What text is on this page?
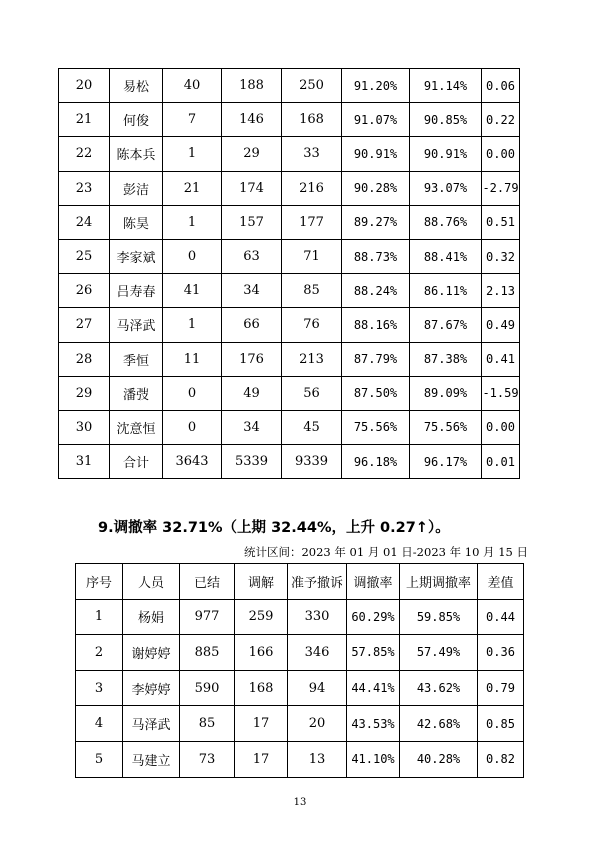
20	易松	40	188	250	91.20%	91.14%	0.06
21	何俊	7	146	168	91.07%	90.85%	0.22
22	陈本兵	1	29	33	90.91%	90.91%	0.00
23	彭洁	21	174	216	90.28%	93.07%	-2.79
24	陈昊	1	157	177	89.27%	88.76%	0.51
25	李家斌	0	63	71	88.73%	88.41%	0.32
26	吕寿春	41	34	85	88.24%	86.11%	2.13
27	马泽武	1	66	76	88.16%	87.67%	0.49
28	季恒	11	176	213	87.79%	87.38%	0.41
29	潘弢	0	49	56	87.50%	89.09%	-1.59
30	沈意恒	0	34	45	75.56%	75.56%	0.00
31	合计	3643	5339	9339	96.18%	96.17%	0.01
9.调撤率 32.71%（上期 32.44%，上升 0.27↑）。
统计区间：2023 年 01 月 01 日-2023 年 10 月 15 日
序号	人员	已结	调解	准予撤诉	调撤率	上期调撤率	差值
1	杨娟	977	259	330	60.29%	59.85%	0.44
2	谢婷婷	885	166	346	57.85%	57.49%	0.36
3	李婷婷	590	168	94	44.41%	43.62%	0.79
4	马泽武	85	17	20	43.53%	42.68%	0.85
5	马建立	73	17	13	41.10%	40.28%	0.82
13
